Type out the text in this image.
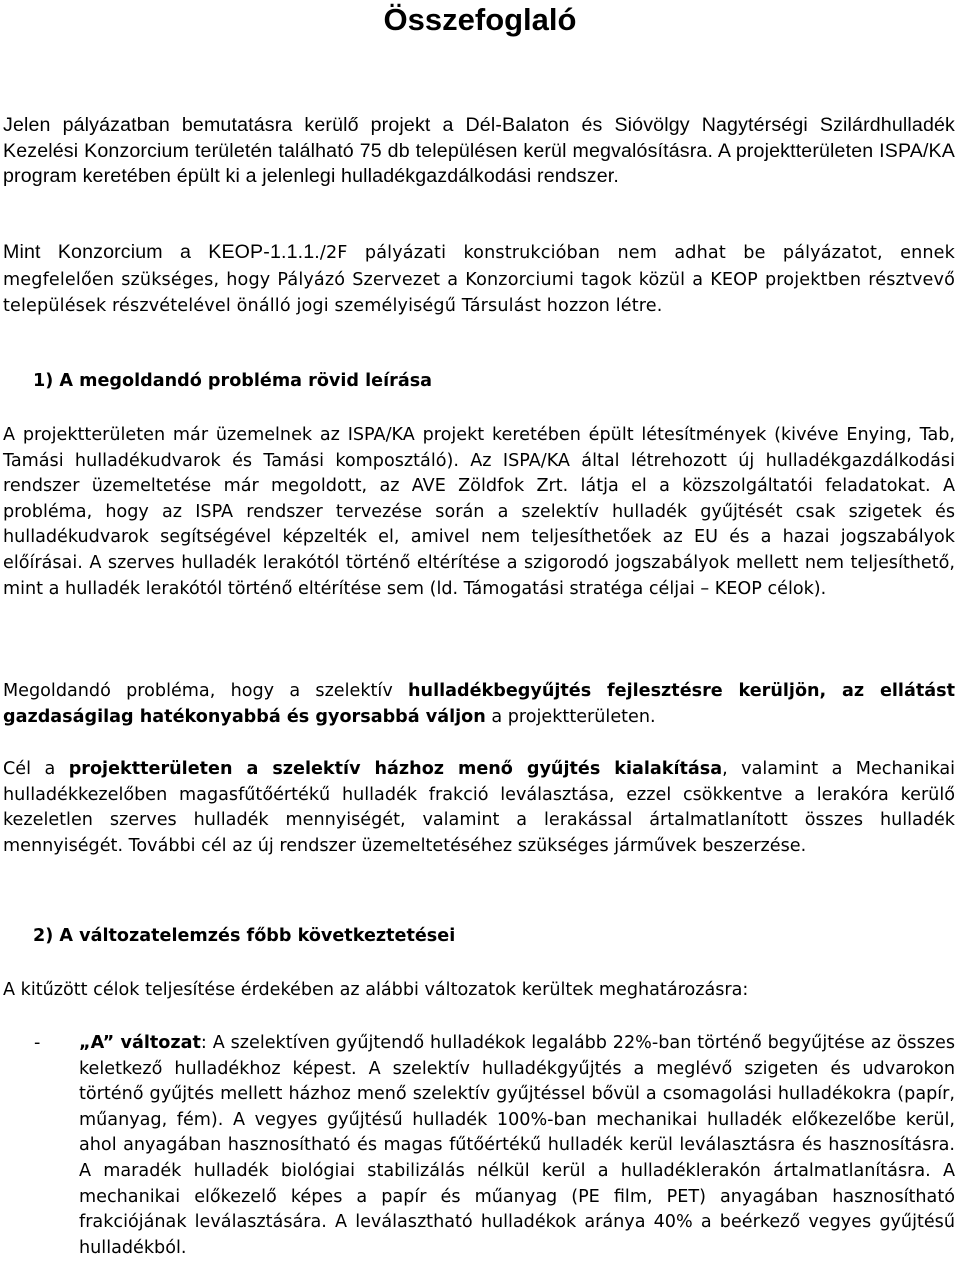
Összefoglaló

Jelen pályázatban bemutatásra kerülő projekt a Dél-Balaton és Sióvölgy Nagytérségi Szilárdhulladék Kezelési Konzorcium területén található 75 db településen kerül megvalósításra. A projektterületen ISPA/KA program keretében épült ki a jelenlegi hulladékgazdálkodási rendszer.

Mint Konzorcium a KEOP-1.1.1./2F pályázati konstrukcióban nem adhat be pályázatot, ennek megfelelően szükséges, hogy Pályázó Szervezet a Konzorciumi tagok közül a KEOP projektben résztvevő települések részvételével önálló jogi személyiségű Társulást hozzon létre.

1) A megoldandó probléma rövid leírása

A projektterületen már üzemelnek az ISPA/KA projekt keretében épült létesítmények (kivéve Enying, Tab, Tamási hulladékudvarok és Tamási komposztáló). Az ISPA/KA által létrehozott új hulladékgazdálkodási rendszer üzemeltetése már megoldott, az AVE Zöldfok Zrt. látja el a közszolgáltatói feladatokat. A probléma, hogy az ISPA rendszer tervezése során a szelektív hulladék gyűjtését csak szigetek és hulladékudvarok segítségével képzelték el, amivel nem teljesíthetőek az EU és a hazai jogszabályok előírásai. A szerves hulladék lerakótól történő eltérítése a szigorodó jogszabályok mellett nem teljesíthető, mint a hulladék lerakótól történő eltérítése sem (ld. Támogatási stratéga céljai – KEOP célok).

Megoldandó probléma, hogy a szelektív hulladékbegyűjtés fejlesztésre kerüljön, az ellátást gazdaságilag hatékonyabbá és gyorsabbá váljon a projektterületen.

Cél a projektterületen a szelektív házhoz menő gyűjtés kialakítása, valamint a Mechanikai hulladékkezelőben magasfűtőértékű hulladék frakció leválasztása, ezzel csökkentve a lerakóra kerülő kezeletlen szerves hulladék mennyiségét, valamint a lerakással ártalmatlanított összes hulladék mennyiségét. További cél az új rendszer üzemeltetéséhez szükséges járművek beszerzése.

2) A változatelemzés főbb következtetései

A kitűzött célok teljesítése érdekében az alábbi változatok kerültek meghatározásra:

- „A” változat: A szelektíven gyűjtendő hulladékok legalább 22%-ban történő begyűjtése az összes keletkező hulladékhoz képest. A szelektív hulladékgyűjtés a meglévő szigeten és udvarokon történő gyűjtés mellett házhoz menő szelektív gyűjtéssel bővül a csomagolási hulladékokra (papír, műanyag, fém). A vegyes gyűjtésű hulladék 100%-ban mechanikai hulladék előkezelőbe kerül, ahol anyagában hasznosítható és magas fűtőértékű hulladék kerül leválasztásra és hasznosításra. A maradék hulladék biológiai stabilizálás nélkül kerül a hulladéklerakón ártalmatlanításra. A mechanikai előkezelő képes a papír és műanyag (PE film, PET) anyagában hasznosítható frakciójának leválasztására. A leválasztható hulladékok aránya 40% a beérkező vegyes gyűjtésű hulladékból.
